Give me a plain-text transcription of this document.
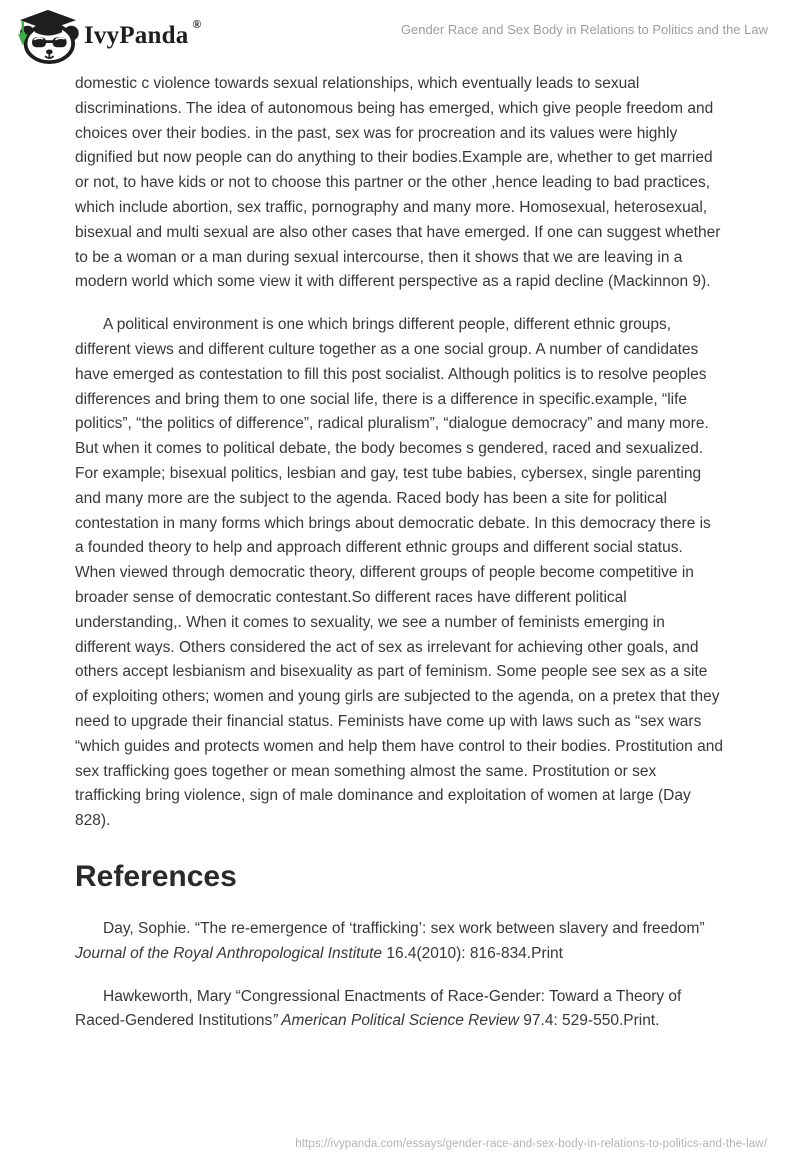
IvyPanda ®	Gender Race and Sex Body in Relations to Politics and the Law

domestic c violence towards sexual relationships, which eventually leads to sexual discriminations. The idea of autonomous being has emerged, which give people freedom and choices over their bodies. in the past, sex was for procreation and its values were highly dignified but now people can do anything to their bodies.Example are, whether to get married or not, to have kids or not to choose this partner or the other ,hence leading to bad practices, which include abortion, sex traffic, pornography and many more. Homosexual, heterosexual, bisexual and multi sexual are also other cases that have emerged. If one can suggest whether to be a woman or a man during sexual intercourse, then it shows that we are leaving in a modern world which some view it with different perspective as a rapid decline (Mackinnon 9).

A political environment is one which brings different people, different ethnic groups, different views and different culture together as a one social group. A number of candidates have emerged as contestation to fill this post socialist. Although politics is to resolve peoples differences and bring them to one social life, there is a difference in specific.example, “life politics”, “the politics of difference”, radical pluralism”, “dialogue democracy” and many more. But when it comes to political debate, the body becomes s gendered, raced and sexualized. For example; bisexual politics, lesbian and gay, test tube babies, cybersex, single parenting and many more are the subject to the agenda. Raced body has been a site for political contestation in many forms which brings about democratic debate. In this democracy there is a founded theory to help and approach different ethnic groups and different social status. When viewed through democratic theory, different groups of people become competitive in broader sense of democratic contestant.So different races have different political understanding,. When it comes to sexuality, we see a number of feminists emerging in different ways. Others considered the act of sex as irrelevant for achieving other goals, and others accept lesbianism and bisexuality as part of feminism. Some people see sex as a site of exploiting others; women and young girls are subjected to the agenda, on a pretex that they need to upgrade their financial status. Feminists have come up with laws such as “sex wars “which guides and protects women and help them have control to their bodies. Prostitution and sex trafficking goes together or mean something almost the same. Prostitution or sex trafficking bring violence, sign of male dominance and exploitation of women at large (Day 828).

References

Day, Sophie. “The re-emergence of ‘trafficking’: sex work between slavery and freedom” Journal of the Royal Anthropological Institute 16.4(2010): 816-834.Print

Hawkeworth, Mary “Congressional Enactments of Race-Gender: Toward a Theory of Raced-Gendered Institutions” American Political Science Review 97.4: 529-550.Print.

https://ivypanda.com/essays/gender-race-and-sex-body-in-relations-to-politics-and-the-law/
